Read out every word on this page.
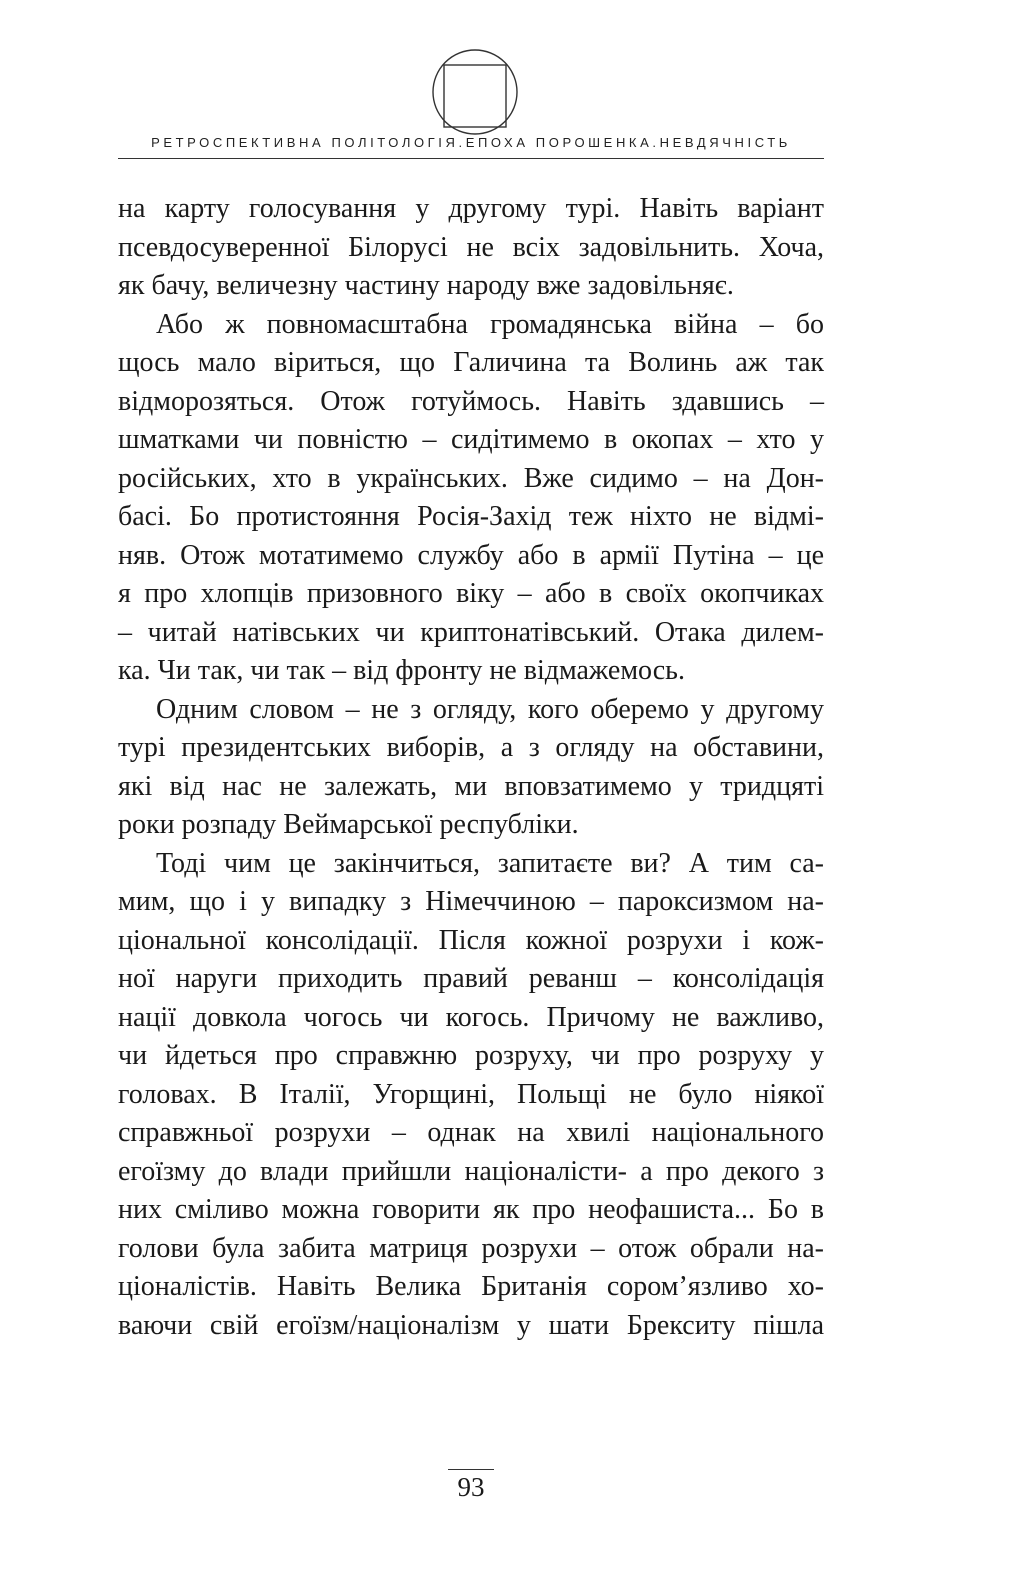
РЕТРОСПЕКТИВНА ПОЛІТОЛОГІЯ.ЕПОХА ПОРОШЕНКА.НЕВДЯЧНІСТЬ
на карту голосування у другому турі. Навіть варіант
псевдосуверенної Білорусі не всіх задовільнить. Хоча,
як бачу, величезну частину народу вже задовільняє.
Або ж повномасштабна громадянська війна – бо
щось мало віриться, що Галичина та Волинь аж так
відморозяться. Отож готуймось. Навіть здавшись –
шматками чи повністю – сидітимемо в окопах – хто у
російських, хто в українських. Вже сидимо – на Дон-
басі. Бо протистояння Росія-Захід теж ніхто не відмі-
няв. Отож мотатимемо службу або в армії Путіна – це
я про хлопців призовного віку – або в своїх окопчиках
– читай натівських чи криптонатівський. Отака дилем-
ка. Чи так, чи так – від фронту не відмажемось.
Одним словом – не з огляду, кого оберемо у другому
турі президентських виборів, а з огляду на обставини,
які від нас не залежать, ми вповзатимемо у тридцяті
роки розпаду Веймарської республіки.
Тоді чим це закінчиться, запитаєте ви? А тим са-
мим, що і у випадку з Німеччиною – пароксизмом на-
ціональної консолідації. Після кожної розрухи і кож-
ної наруги приходить правий реванш – консолідація
нації довкола чогось чи когось. Причому не важливо,
чи йдеться про справжню розруху, чи про розруху у
головах. В Італії, Угорщині, Польщі не було ніякої
справжньої розрухи – однак на хвилі національного
егоїзму до влади прийшли націоналісти- а про декого з
них сміливо можна говорити як про неофашиста... Бо в
голови була забита матриця розрухи – отож обрали на-
ціоналістів. Навіть Велика Британія сором’язливо хо-
ваючи свій егоїзм/націоналізм у шати Брекситу пішла
93
